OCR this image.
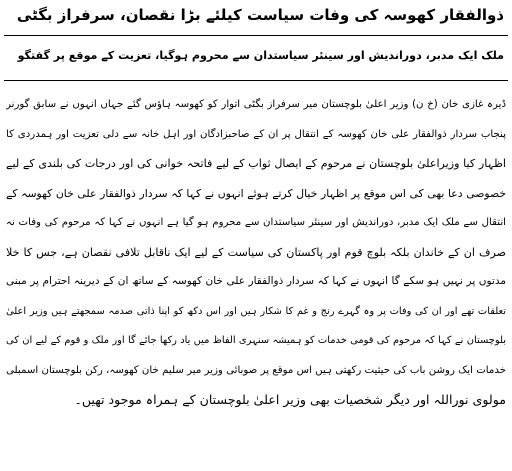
ذوالفقار کھوسہ کی وفات سیاست کیلئے بڑا نقصان، سرفراز بگٹی
ملک ایک مدبر، دوراندیش اور سینئر سیاستدان سے محروم ہوگیا، تعزیت کے موقع پر گفتگو
ڈیرہ غازی خان (خ ن) وزیر اعلیٰ بلوچستان میر سرفراز بگٹی اتوار کو کھوسہ ہاؤس گئے جہاں انہوں نے سابق گورنر
پنجاب سردار ذوالفقار علی خان کھوسہ کے انتقال پر ان کے صاحبزادگان اور اہل خانہ سے دلی تعزیت اور ہمدردی کا
اظہار کیا وزیراعلیٰ بلوچستان نے مرحوم کے ایصال ثواب کے لیے فاتحہ خوانی کی اور درجات کی بلندی کے لیے
خصوصی دعا بھی کی اس موقع پر اظہار خیال کرتے ہوئے انہوں نے کہا کہ سردار ذوالفقار علی خان کھوسہ کے
انتقال سے ملک ایک مدبر، دوراندیش اور سینئر سیاستدان سے محروم ہو گیا ہے انہوں نے کہا کہ مرحوم کی وفات نہ
صرف ان کے خاندان بلکہ بلوچ قوم اور پاکستان کی سیاست کے لیے ایک ناقابل تلافی نقصان ہے، جس کا خلا
مدتوں پر نہیں ہو سکے گا انہوں نے کہا کہ سردار ذوالفقار علی خان کھوسہ کے ساتھ ان کے دیرینہ احترام پر مبنی
تعلقات تھے اور ان کی وفات پر وہ گہرے رنج و غم کا شکار ہیں اور اس دکھ کو اپنا ذاتی صدمہ سمجھتے ہیں وزیر اعلیٰ
بلوچستان نے کہا کہ مرحوم کی قومی خدمات کو ہمیشہ سنہری الفاظ میں یاد رکھا جائے گا اور ملک و قوم کے لیے ان کی
خدمات ایک روشن باب کی حیثیت رکھتی ہیں اس موقع پر صوبائی وزیر میر سلیم خان کھوسہ، رکن بلوچستان اسمبلی
مولوی نوراللہ اور دیگر شخصیات بھی وزیر اعلیٰ بلوچستان کے ہمراہ موجود تھیں۔
